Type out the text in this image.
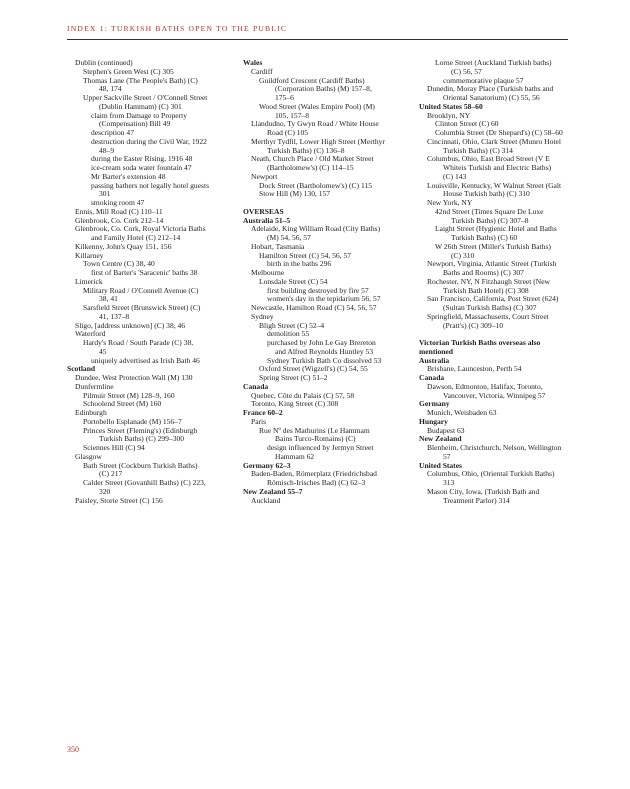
INDEX 1: TURKISH BATHS OPEN TO THE PUBLIC
Dublin (continued)
Stephen's Green West (C) 305
Thomas Lane (The People's Bath) (C)
48, 174
Upper Sackville Street / O'Connell Street
(Dublin Hammam) (C) 301
claim from Damage to Property
(Compensation) Bill 49
description 47
destruction during the Civil War, 1922
48–9
during the Easter Rising, 1916 48
ice-cream soda water fountain 47
Mr Barter's extension 48
passing bathers not legally hotel guests
301
smoking room 47
Ennis, Mill Road (C) 110–11
Glenbrook, Co. Cork 212–14
Glenbrook, Co. Cork, Royal Victoria Baths
and Family Hotel (C) 212–14
Kilkenny, John's Quay 151, 156
Killarney
Town Centre (C) 38, 40
first of Barter's 'Saracenic' baths 38
Limerick
Military Road / O'Connell Avenue (C)
38, 41
Sarsfield Street (Brunswick Street) (C)
41, 137–8
Sligo, [address unknown] (C) 38, 46
Waterford
Hardy's Road / South Parade (C) 38,
45
uniquely advertised as Irish Bath 46
Scotland
Dundee, West Protection Wall (M) 130
Dunfermline
Pilmuir Street (M) 128–9, 160
Schoolend Street (M) 160
Edinburgh
Portobello Esplanade (M) 156–7
Princes Street (Fleming's) (Edinburgh
Turkish Baths) (C) 299–300
Sciennes Hill (C) 94
Glasgow
Bath Street (Cockburn Turkish Baths)
(C) 217
Calder Street (Govanhill Baths) (C) 223,
320
Paisley, Storie Street (C) 156
Wales
Cardiff
Guildford Crescent (Cardiff Baths)
(Corporation Baths) (M) 157–8,
175–6
Wood Street (Wales Empire Pool) (M)
105, 157–8
Llandudno, Ty Gwyn Road / White House
Road (C) 105
Merthyr Tydfil, Lower High Street (Merthyr
Turkish Baths) (C) 136–8
Neath, Church Place / Old Market Street
(Bartholomew's) (C) 114–15
Newport
Dock Street (Bartholomew's) (C) 115
Stow Hill (M) 130, 157
OVERSEAS
Australia 51–5
Adelaide, King William Road (City Baths)
(M) 54, 56, 57
Hobart, Tasmania
Hamilton Street (C) 54, 56, 57
birth in the baths 296
Melbourne
Lonsdale Street (C) 54
first building destroyed by fire 57
women's day in the tepidarium 56, 57
Newcastle, Hamilton Road (C) 54, 56, 57
Sydney
Bligh Street (C) 52–4
demolition 55
purchased by John Le Gay Brereton
and Alfred Reynolds Huntley 53
Sydney Turkish Bath Co dissolved 53
Oxford Street (Wigzell's) (C) 54, 55
Spring Street (C) 51–2
Canada
Quebec, Côte du Palais (C) 57, 58
Toronto, King Street (C) 308
France 60–2
Paris
Rue Nº des Mathurins (Le Hammam
Bains Turco-Romains) (C)
design influenced by Jermyn Street
Hammam 62
Germany 62–3
Baden-Baden, Römerplatz (Friedrichsbad
Römisch-Irisches Bad) (C) 62–3
New Zealand 55–7
Auckland
Lorne Street (Auckland Turkish baths)
(C) 56, 57
commemorative plaque 57
Dunedin, Moray Place (Turkish baths and
Oriental Sanatorium) (C) 55, 56
United States 58–60
Brooklyn, NY
Clinton Street (C) 60
Columbia Street (Dr Shepard's) (C) 58–60
Cincinnati, Ohio, Clark Street (Munro Hotel
Turkish Baths) (C) 314
Columbus, Ohio, East Broad Street (V E
Whiteis Turkish and Electric Baths)
(C) 143
Louisville, Kentucky, W Walnut Street (Galt
House Turkish bath) (C) 310
New York, NY
42nd Street (Times Square De Luxe
Turkish Baths) (C) 307–8
Laight Street (Hygienic Hotel and Baths
Turkish Baths) (C) 60
W 26th Street (Miller's Turkish Baths)
(C) 310
Newport, Virginia, Atlantic Street (Turkish
Baths and Rooms) (C) 307
Rochester, NY, N Fitzhaugh Street (New
Turkish Bath Hotel) (C) 308
San Francisco, California, Post Street (624)
(Sultan Turkish Baths) (C) 307
Springfield, Massachusetts, Court Street
(Pratt's) (C) 309–10
Victorian Turkish Baths overseas also
mentioned
Australia
Brisbane, Launceston, Perth 54
Canada
Dawson, Edmonton, Halifax, Toronto,
Vancouver, Victoria, Winnipeg 57
Germany
Munich, Weisbaden 63
Hungary
Budapest 63
New Zealand
Blenheim, Christchurch, Nelson, Wellington
57
United States
Columbus, Ohio, (Oriental Turkish Baths)
313
Mason City, Iowa, (Turkish Bath and
Treatment Parlor) 314
350
